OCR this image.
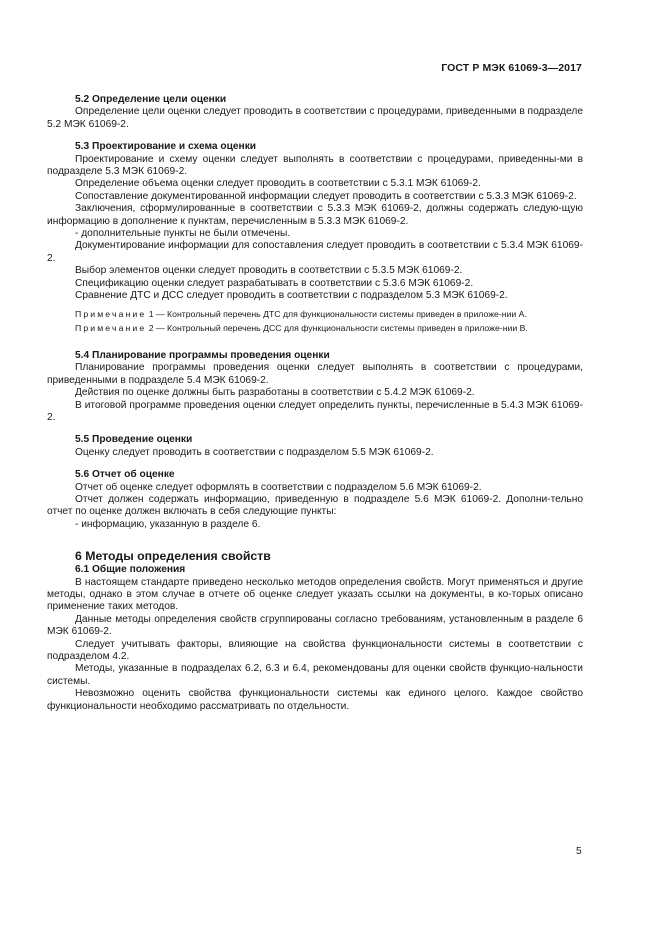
ГОСТ Р МЭК 61069-3—2017

5.2 Определение цели оценки

Определение цели оценки следует проводить в соответствии с процедурами, приведенными в подразделе 5.2 МЭК 61069-2.

5.3 Проектирование и схема оценки

Проектирование и схему оценки следует выполнять в соответствии с процедурами, приведенны-ми в подразделе 5.3 МЭК 61069-2.

Определение объема оценки следует проводить в соответствии с 5.3.1 МЭК 61069-2.

Сопоставление документированной информации следует проводить в соответствии с 5.3.3 МЭК 61069-2.

Заключения, сформулированные в соответствии с 5.3.3 МЭК 61069-2, должны содержать следую-щую информацию в дополнение к пунктам, перечисленным в 5.3.3 МЭК 61069-2.

- дополнительные пункты не были отмечены.

Документирование информации для сопоставления следует проводить в соответствии с 5.3.4 МЭК 61069-2.

Выбор элементов оценки следует проводить в соответствии с 5.3.5 МЭК 61069-2.

Спецификацию оценки следует разрабатывать в соответствии с 5.3.6 МЭК 61069-2.

Сравнение ДТС и ДСС следует проводить в соответствии с подразделом 5.3 МЭК 61069-2.

Примечание 1 — Контрольный перечень ДТС для функциональности системы приведен в приложе-нии А.

Примечание 2 — Контрольный перечень ДСС для функциональности системы приведен в приложе-нии В.

5.4 Планирование программы проведения оценки

Планирование программы проведения оценки следует выполнять в соответствии с процедурами, приведенными в подразделе 5.4 МЭК 61069-2.

Действия по оценке должны быть разработаны в соответствии с 5.4.2 МЭК 61069-2.

В итоговой программе проведения оценки следует определить пункты, перечисленные в 5.4.3 МЭК 61069-2.

5.5 Проведение оценки

Оценку следует проводить в соответствии с подразделом 5.5 МЭК 61069-2.

5.6 Отчет об оценке

Отчет об оценке следует оформлять в соответствии с подразделом 5.6 МЭК 61069-2.

Отчет должен содержать информацию, приведенную в подразделе 5.6 МЭК 61069-2. Дополни-тельно отчет по оценке должен включать в себя следующие пункты:

- информацию, указанную в разделе 6.

6 Методы определения свойств

6.1 Общие положения

В настоящем стандарте приведено несколько методов определения свойств. Могут применяться и другие методы, однако в этом случае в отчете об оценке следует указать ссылки на документы, в ко-торых описано применение таких методов.

Данные методы определения свойств сгруппированы согласно требованиям, установленным в разделе 6 МЭК 61069-2.

Следует учитывать факторы, влияющие на свойства функциональности системы в соответствии с подразделом 4.2.

Методы, указанные в подразделах 6.2, 6.3 и 6.4, рекомендованы для оценки свойств функцио-нальности системы.

Невозможно оценить свойства функциональности системы как единого целого. Каждое свойство функциональности необходимо рассматривать по отдельности.

5
